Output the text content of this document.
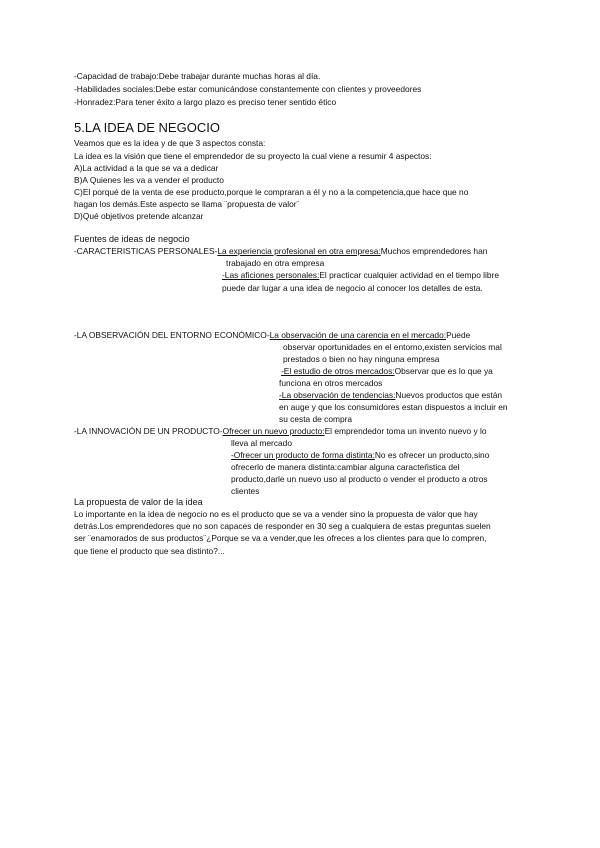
-Capacidad de trabajo:Debe trabajar durante muchas horas al día.
-Habilidades sociales:Debe estar comunicándose constantemente con clientes y proveedores
-Honradez:Para tener éxito a largo plazo es preciso tener sentido ético
5.LA IDEA DE NEGOCIO
Veamos que es la idea y de que 3 aspectos consta:
La idea es la visión que tiene el emprendedor de su proyecto la cual viene a resumir 4 aspectos:
A)La actividad a la que se va a dedicar
B)A Quienes les va a vender el producto
C)El porqué de la venta de ese producto,porque le compraran a él y no a la competencia,que hace que no
hagan los demás.Este aspecto se llama ¨propuesta de valor¨
D)Qué objetivos pretende alcanzar
Fuentes de ideas de negocio
-CARACTERISTICAS PERSONALES-La experiencia profesional en otra empresa:Muchos emprendedores han
trabajado en otra empresa
-Las aficiones personales:El practicar cualquier actividad en el tiempo libre
puede dar lugar a una idea de negocio al conocer los detalles de esta.
-LA OBSERVACIÓN DEL ENTORNO ECONÓMICO-La observación de una carencia en el mercado:Puede
observar oportunidades en el entorno,existen servicios mal
prestados o bien no hay ninguna empresa
-El estudio de otros mercados:Observar que es lo que ya
funciona en otros mercados
-La observación de tendencias:Nuevos productos que están
en auge y que los consumidores estan dispuestos a incluir en
su cesta de compra
-LA INNOVACIÓN DE UN PRODUCTO-Ofrecer un nuevo producto:El emprendedor toma un invento nuevo y lo
lleva al mercado
-Ofrecer un producto de forma distinta:No es ofrecer un producto,sino
ofrecerlo de manera distinta:cambiar alguna caracteŕistica del
producto,darle un nuevo uso al producto o vender el producto a otros
clientes
La propuesta de valor de la idea
Lo importante en la idea de negocio no es el producto que se va a vender sino la propuesta de valor que hay
detrás.Los emprendedores que no son capaces de responder en 30 seg a cualquiera de estas preguntas suelen
ser ¨enamorados de sus productos¨¿Porque se va a vender,que les ofreces a los clientes para que lo compren,
que tiene el producto que sea distinto?...
